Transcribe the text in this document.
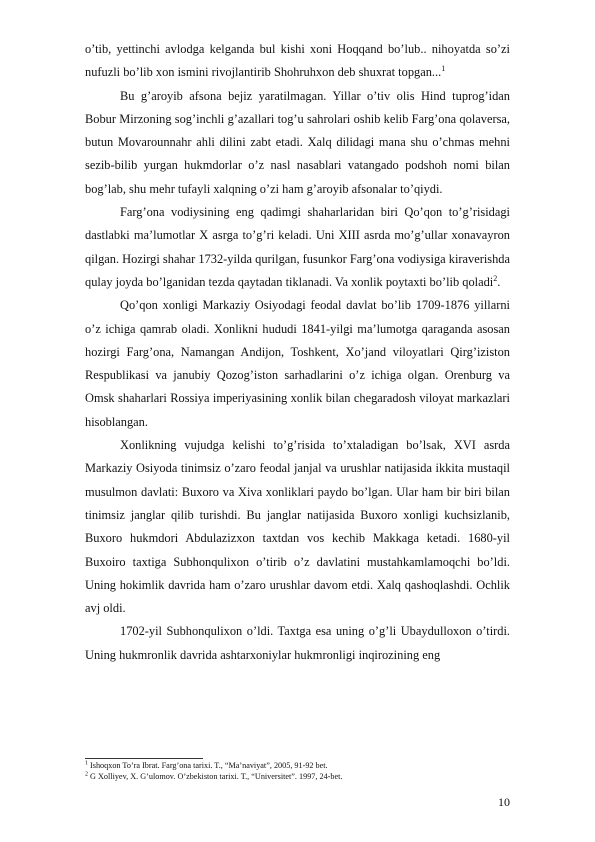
o’tib, yettinchi avlodga kelganda bul kishi xoni Hoqqand bo’lub.. nihoyatda so’zi nufuzli bo’lib xon ismini rivojlantirib Shohruhxon deb shuxrat topgan...$^1$

Bu g’aroyib afsona bejiz yaratilmagan. Yillar o’tiv olis Hind tuprog’idan Bobur Mirzoning sog’inchli g’azallari tog’u sahrolari oshib kelib Farg’ona qolaversa, butun Movarounnahr ahli dilini zabt etadi. Xalq dilidagi mana shu o’chmas mehni sezib-bilib yurgan hukmdorlar o’z nasl nasablari vatangado podshoh nomi bilan bog’lab, shu mehr tufayli xalqning o’zi ham g’aroyib afsonalar to’qiydi.

Farg’ona vodiysining eng qadimgi shaharlaridan biri Qo’qon to’g’risidagi dastlabki ma’lumotlar X asrga to’g’ri keladi. Uni XIII asrda mo’g’ullar xonavayron qilgan. Hozirgi shahar 1732-yilda qurilgan, fusunkor Farg’ona vodiysiga kiraverishda qulay joyda bo’lganidan tezda qaytadan tiklanadi. Va xonlik poytaxti bo’lib qoladi$^2$.

Qo’qon xonligi Markaziy Osiyodagi feodal davlat bo’lib 1709-1876 yillarni o’z ichiga qamrab oladi. Xonlikni hududi 1841-yilgi ma’lumotga qaraganda asosan hozirgi Farg’ona, Namangan Andijon, Toshkent, Xo’jand viloyatlari Qirg’iziston Respublikasi va janubiy Qozog’iston sarhadlarini o’z ichiga olgan. Orenburg va Omsk shaharlari Rossiya imperiyasining xonlik bilan chegaradosh viloyat markazlari hisoblangan.

Xonlikning vujudga kelishi to’g’risida to’xtaladigan bo’lsak, XVI asrda Markaziy Osiyoda tinimsiz o’zaro feodal janjal va urushlar natijasida ikkita mustaqil musulmon davlati: Buxoro va Xiva xonliklari paydo bo’lgan. Ular ham bir biri bilan tinimsiz janglar qilib turishdi. Bu janglar natijasida Buxoro xonligi kuchsizlanib, Buxoro hukmdori Abdulazizxon taxtdan vos kechib Makkaga ketadi. 1680-yil Buxoiro taxtiga Subhonqulixon o’tirib o’z davlatini mustahkamlamoqchi bo’ldi. Uning hokimlik davrida ham o’zaro urushlar davom etdi. Xalq qashoqlashdi. Ochlik avj oldi.

1702-yil Subhonqulixon o’ldi. Taxtga esa uning o’g’li Ubaydulloxon o’tirdi. Uning hukmronlik davrida ashtarxoniylar hukmronligi inqirozining eng

$^1$ Ishoqxon To’ra Ibrat. Farg’ona tarixi. T., “Ma’naviyat”, 2005, 91-92 bet.

$^2$ G Xolliyev, X. G’ulomov. O’zbekiston tarixi. T., “Universitet”. 1997, 24-bet.

10
